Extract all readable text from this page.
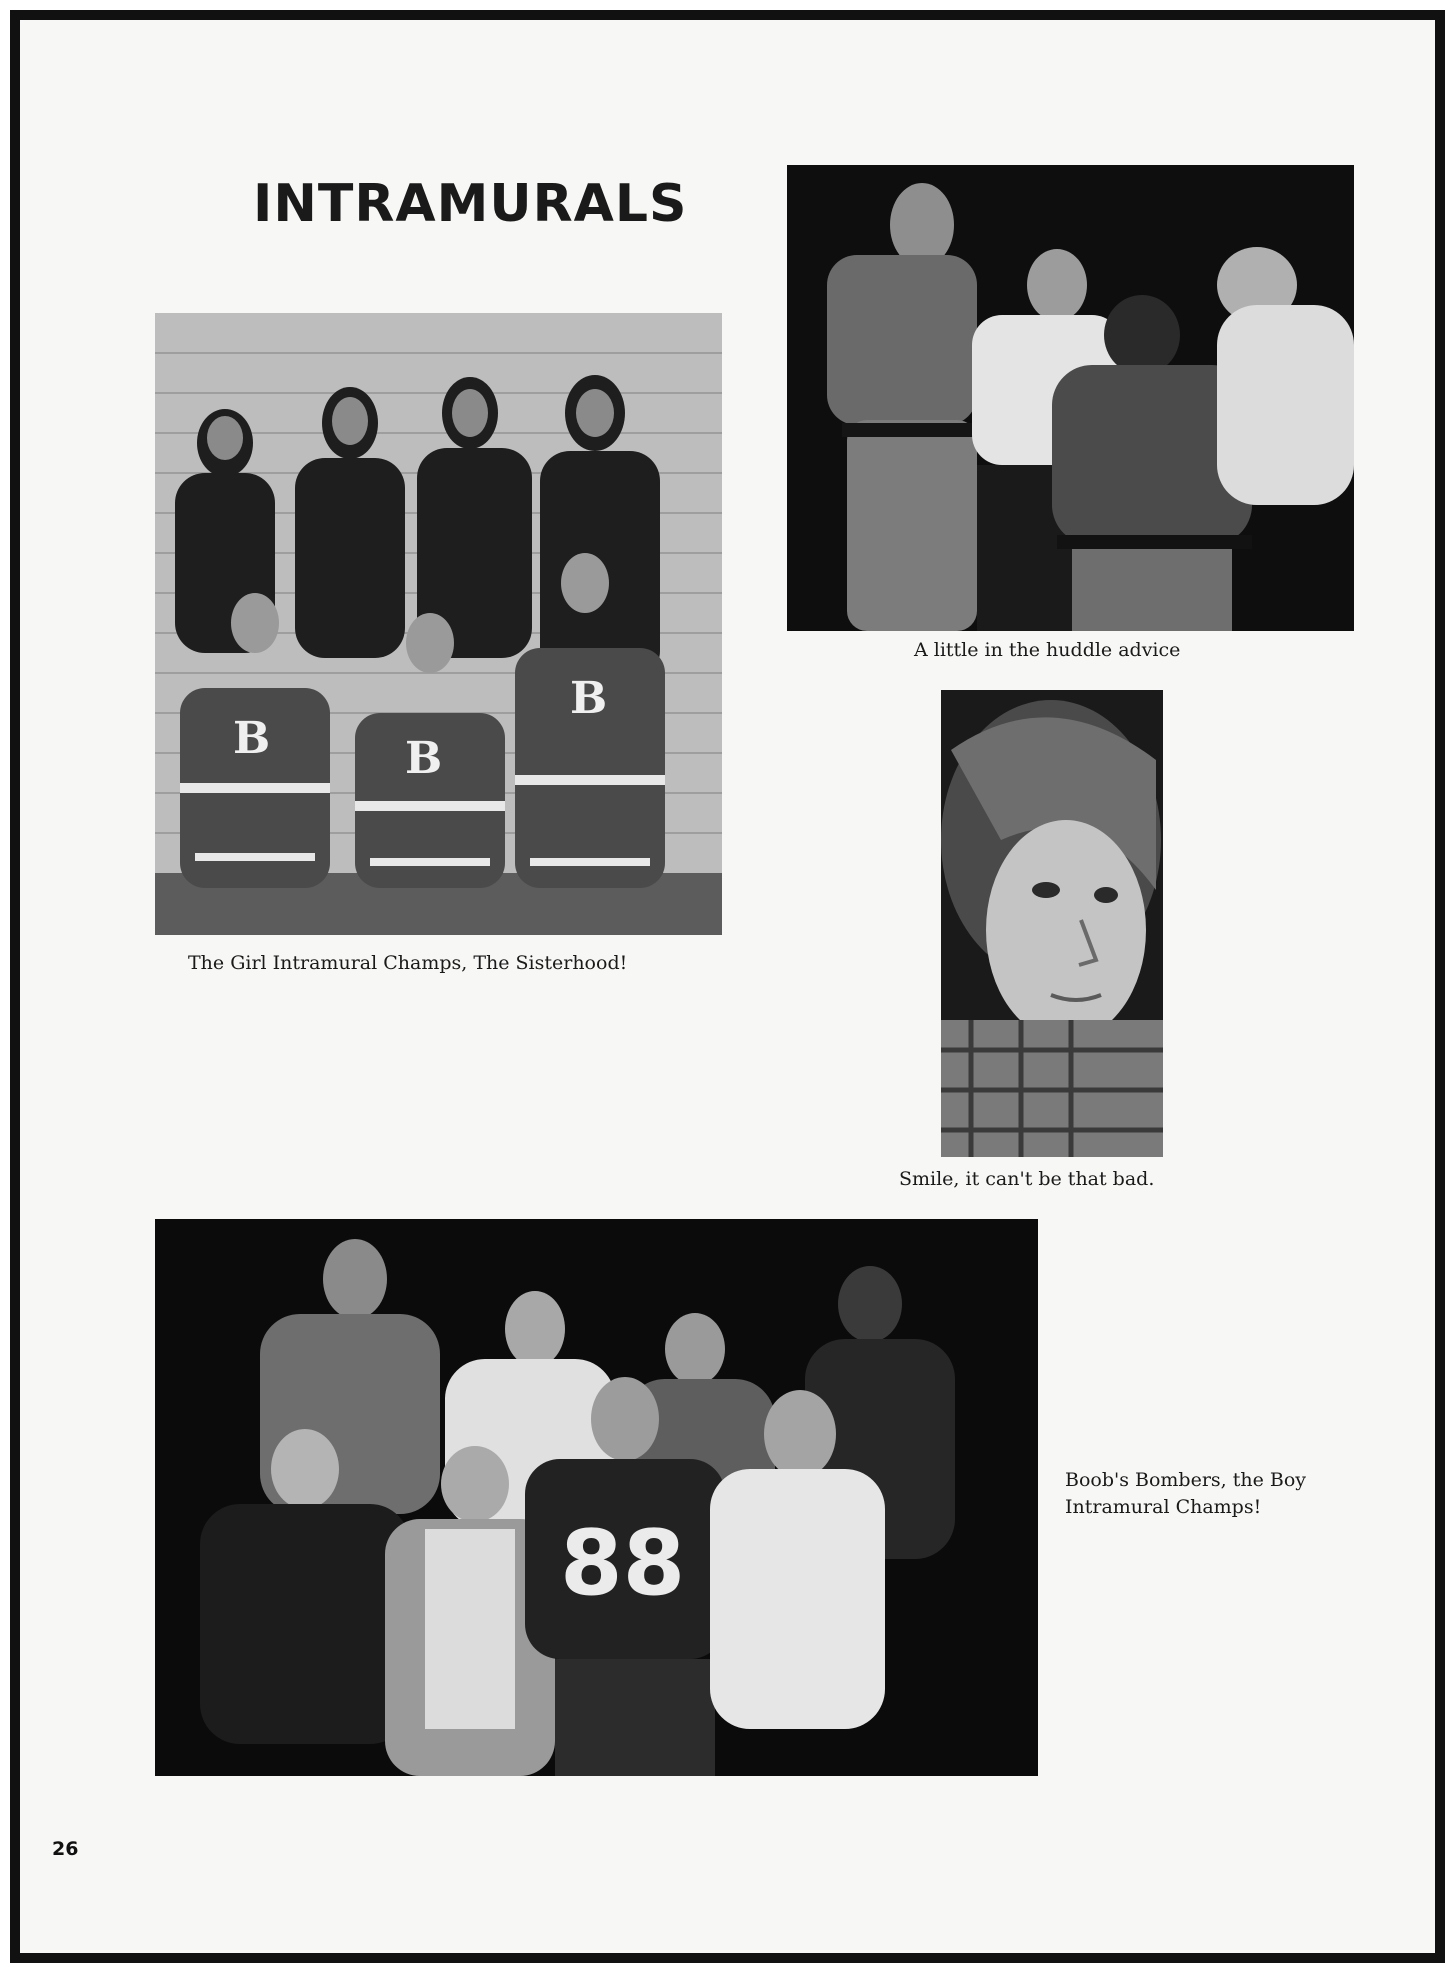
INTRAMURALS
B	B
B

The Girl Intramural Champs, The Sisterhood!

A little in the huddle advice

Smile, it can't be that bad.

88
Boob's Bombers, the Boy
Intramural Champs!
26
